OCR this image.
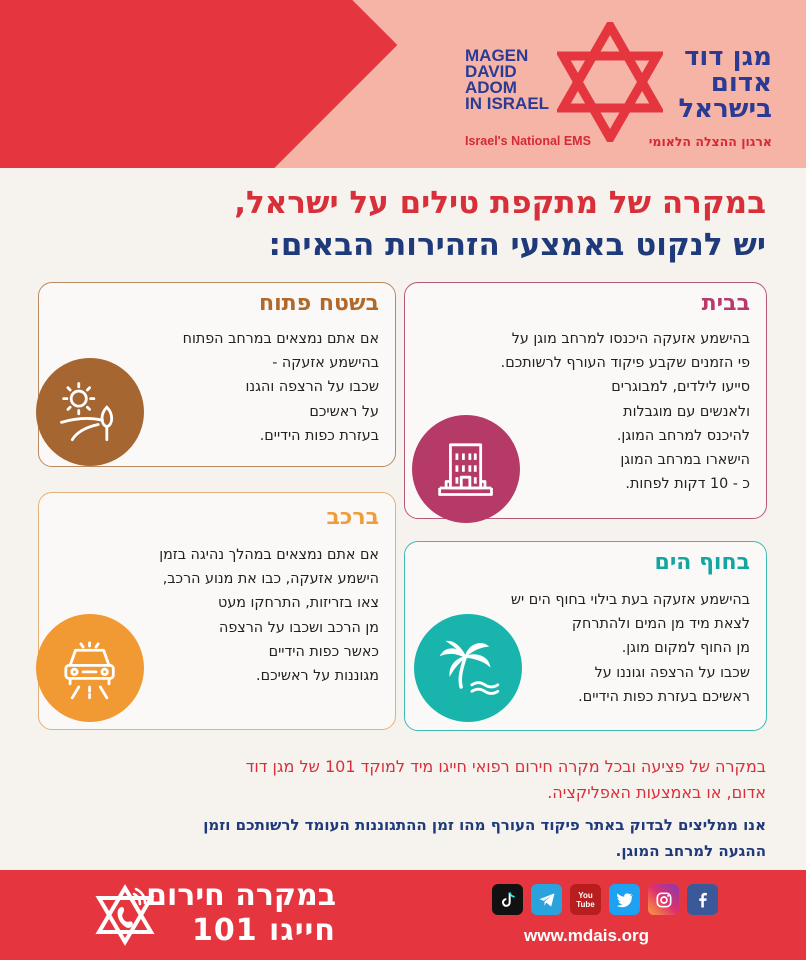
MAGEN
DAVID
ADOM
IN ISRAEL
מגן דוד
אדום
בישראל
Israel's National EMS	ארגון ההצלה הלאומי
במקרה של מתקפת טילים על ישראל,
יש לנקוט באמצעי הזהירות הבאים:
בבית
בהישמע אזעקה היכנסו למרחב מוגן על
פי הזמנים שקבע פיקוד העורף לרשותכם.
סייעו לילדים, למבוגרים
ולאנשים עם מוגבלות
להיכנס למרחב המוגן.
הישארו במרחב המוגן
כ - 10 דקות לפחות.
בשטח פתוח
אם אתם נמצאים במרחב הפתוח
בהישמע אזעקה -
שכבו על הרצפה והגנו
על ראשיכם
בעזרת כפות הידיים.
ברכב
אם אתם נמצאים במהלך נהיגה בזמן
הישמע אזעקה, כבו את מנוע הרכב,
צאו בזריזות, התרחקו מעט
מן הרכב ושכבו על הרצפה
כאשר כפות הידיים
מגוננות על ראשיכם.
בחוף הים
בהישמע אזעקה בעת בילוי בחוף הים יש
לצאת מיד מן המים ולהתרחק
מן החוף למקום מוגן.
שכבו על הרצפה וגוננו על
ראשיכם בעזרת כפות הידיים.
במקרה של פציעה ובכל מקרה חירום רפואי חייגו מיד למוקד 101 של מגן דוד
אדום, או באמצעות האפליקציה.
אנו ממליצים לבדוק באתר פיקוד העורף מהו זמן ההתגוננות העומד לרשותכם וזמן
ההגעה למרחב המוגן.
במקרה חירום
חייגו 101
You Tube
www.mdais.org
